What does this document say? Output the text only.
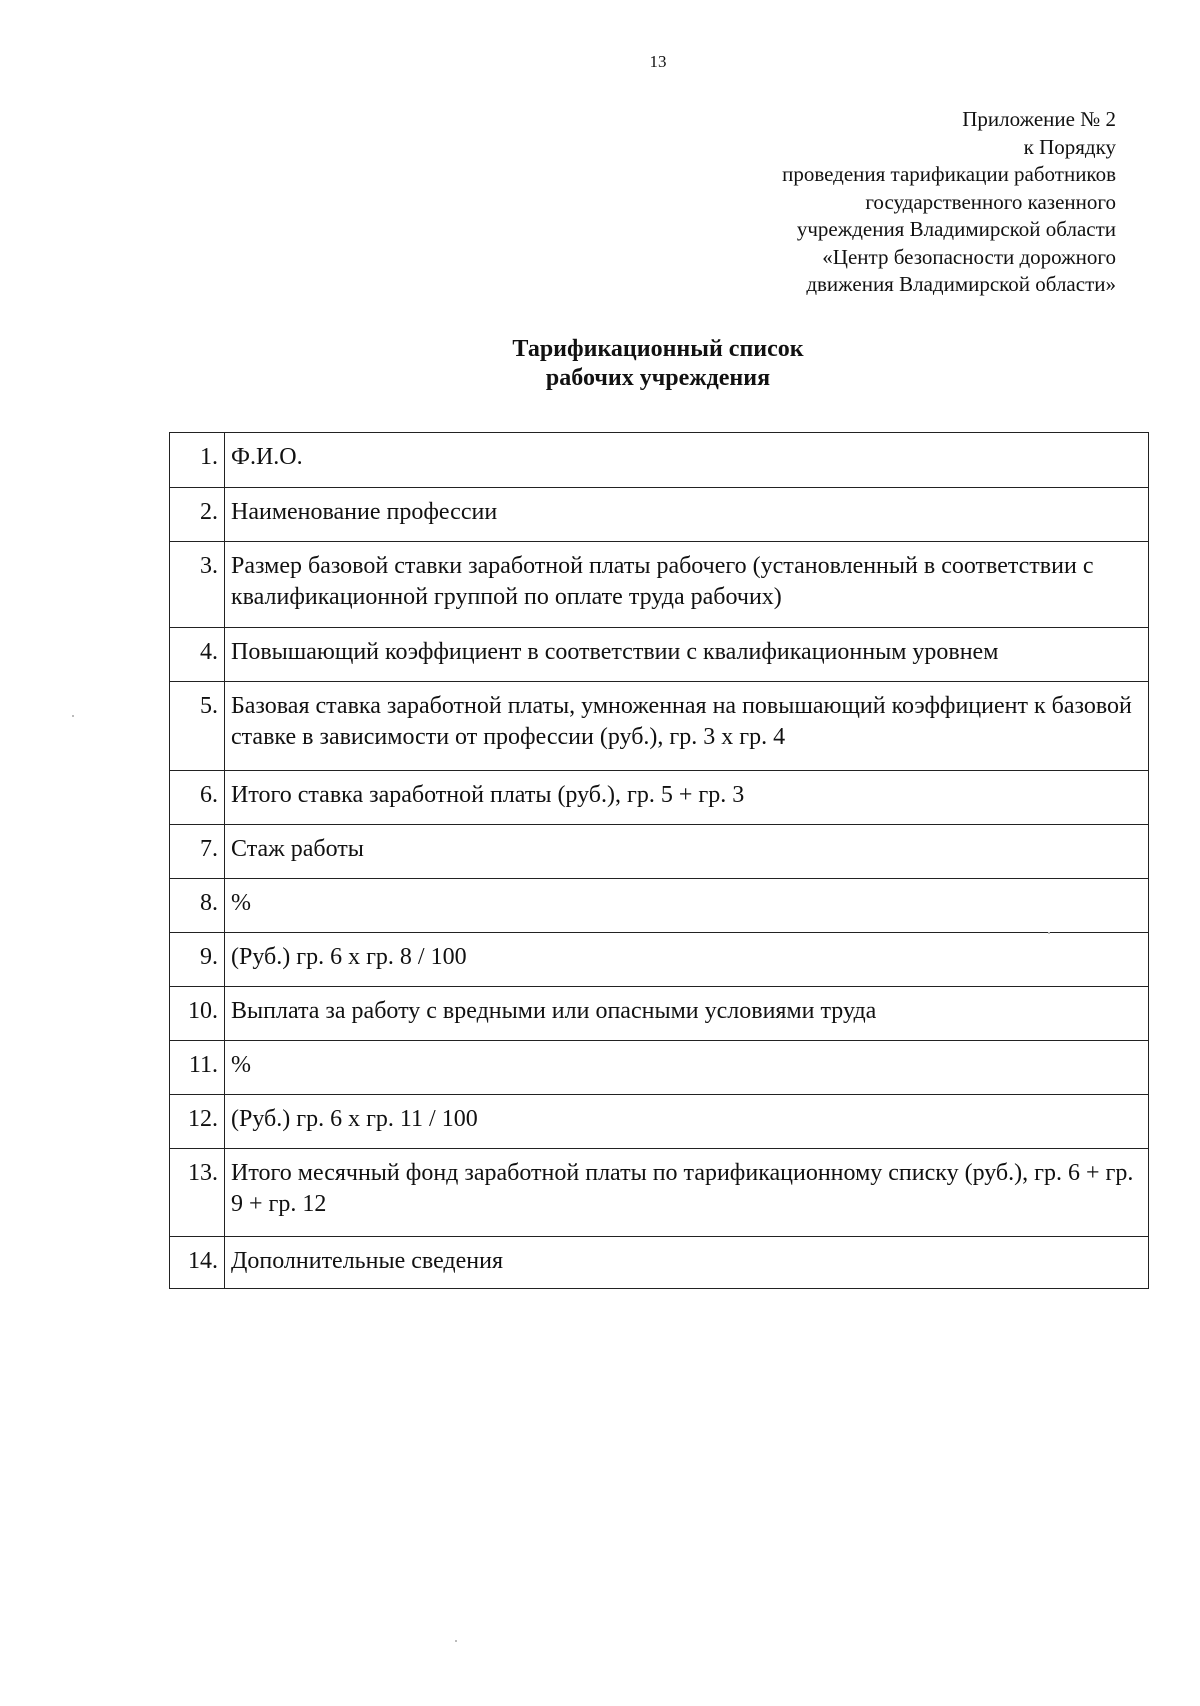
13
Приложение № 2
к Порядку
проведения тарификации работников
государственного казенного
учреждения Владимирской области
«Центр безопасности дорожного
движения Владимирской области»
Тарификационный список
рабочих учреждения
1.	Ф.И.О.
2.	Наименование профессии
3.	Размер базовой ставки заработной платы рабочего (установленный в соответствии с квалификационной группой по оплате труда рабочих)
4.	Повышающий коэффициент в соответствии с квалификационным уровнем
5.	Базовая ставка заработной платы, умноженная на повышающий коэффициент к базовой ставке в зависимости от профессии (руб.), гр. 3 х гр. 4
6.	Итого ставка заработной платы (руб.), гр. 5 + гр. 3
7.	Стаж работы
8.	%
9.	(Руб.) гр. 6 х гр. 8 / 100
10.	Выплата за работу с вредными или опасными условиями труда
11.	%
12.	(Руб.) гр. 6 х гр. 11 / 100
13.	Итого месячный фонд заработной платы по тарификационному списку (руб.), гр. 6 + гр. 9 + гр. 12
14.	Дополнительные сведения
